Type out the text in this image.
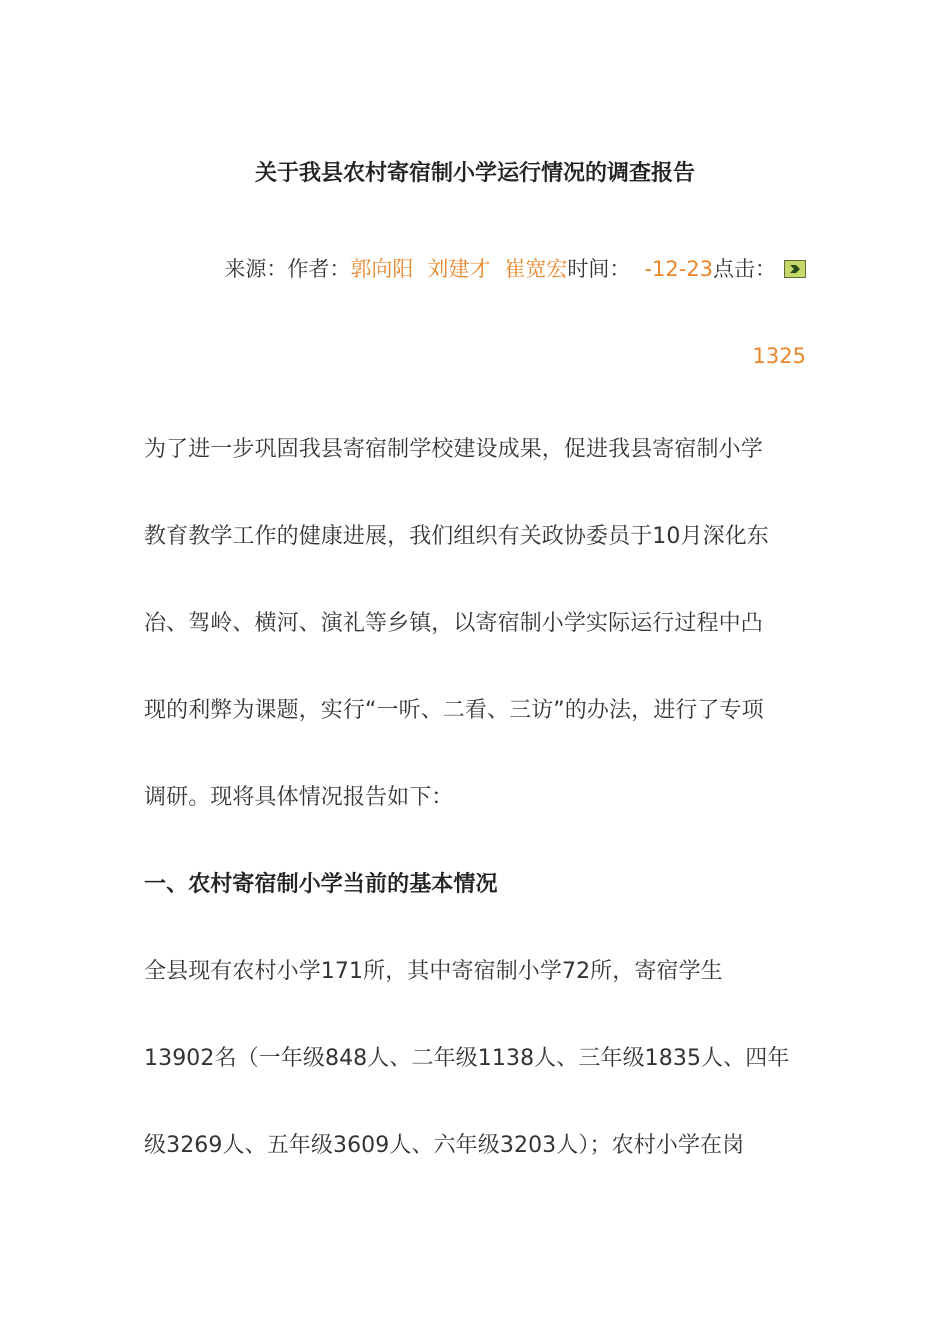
关于我县农村寄宿制小学运行情况的调查报告
来源：作者：郭向阳 刘建才 崔宽宏时间： -12-23点击：
1325
为了进一步巩固我县寄宿制学校建设成果，促进我县寄宿制小学
教育教学工作的健康进展，我们组织有关政协委员于10月深化东
冶、驾岭、横河、演礼等乡镇，以寄宿制小学实际运行过程中凸
现的利弊为课题，实行“一听、二看、三访”的办法，进行了专项
调研。现将具体情况报告如下：
一、农村寄宿制小学当前的基本情况
全县现有农村小学171所，其中寄宿制小学72所，寄宿学生
13902名（一年级848人、二年级1138人、三年级1835人、四年
级3269人、五年级3609人、六年级3203人）；农村小学在岗
